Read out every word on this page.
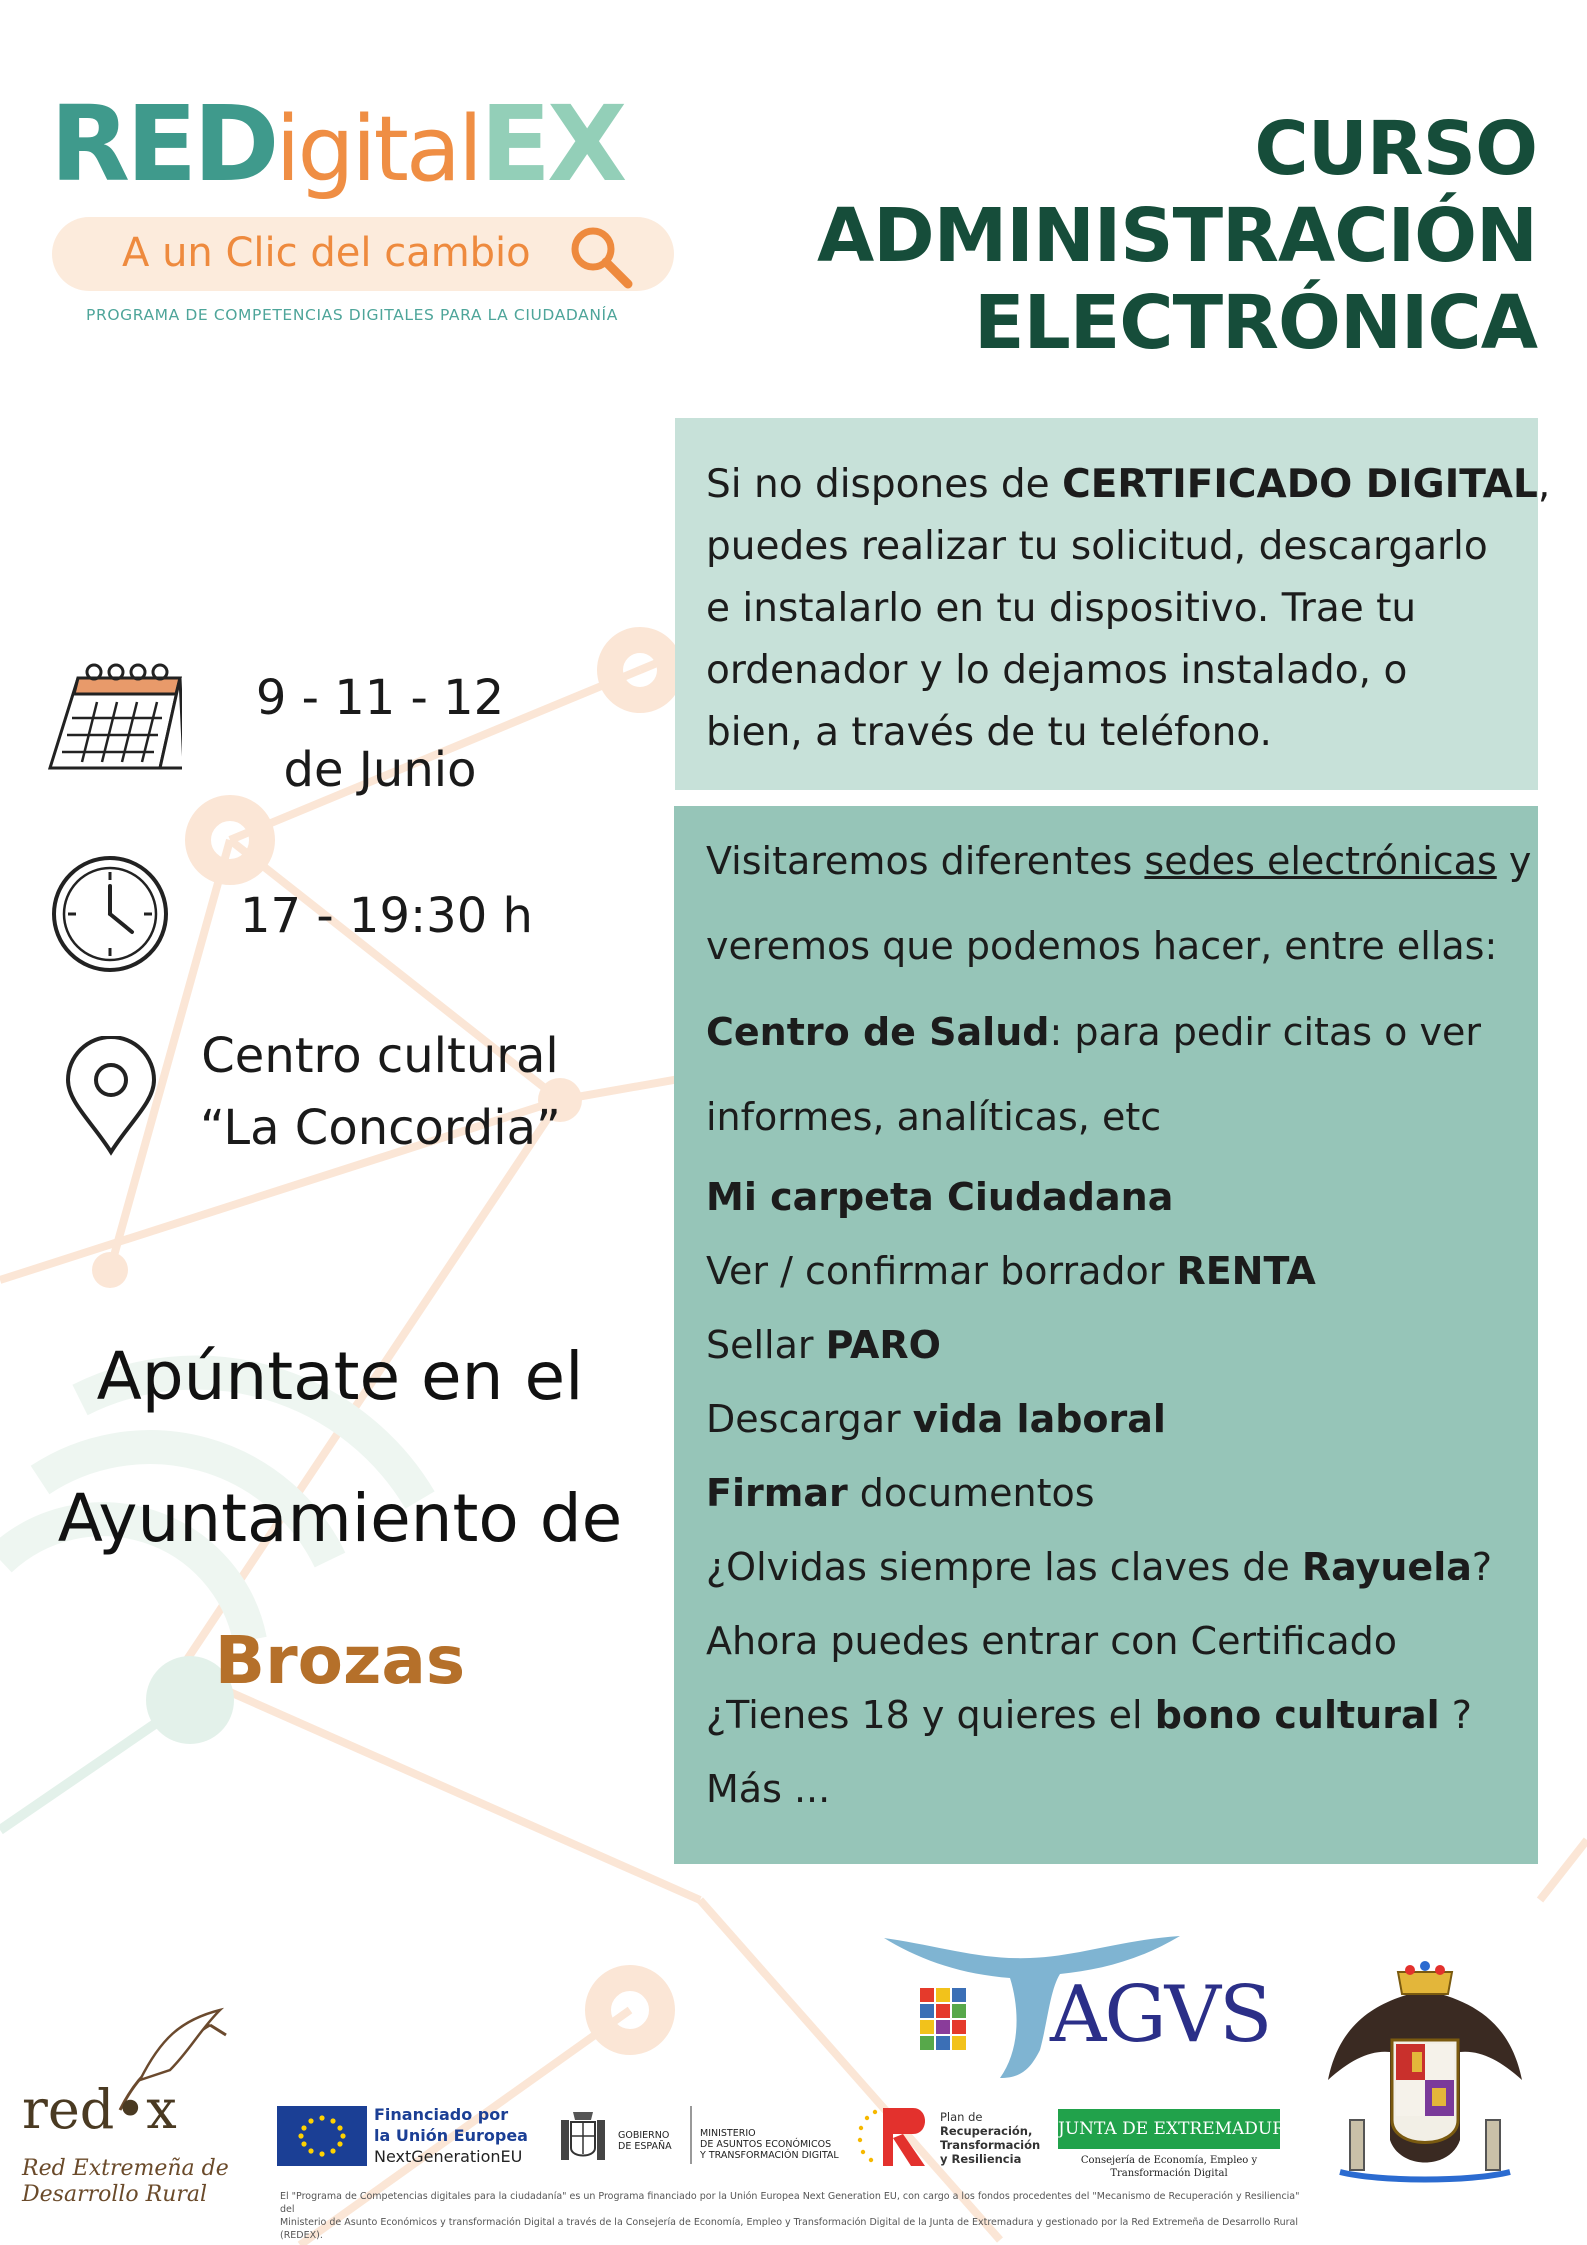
REDigitalEX
A un Clic del cambio
PROGRAMA DE COMPETENCIAS DIGITALES PARA LA CIUDADANÍA
CURSO
ADMINISTRACIÓN
ELECTRÓNICA
Si no dispones de CERTIFICADO DIGITAL,
puedes realizar tu solicitud, descargarlo
e instalarlo en tu dispositivo. Trae tu
ordenador y lo dejamos instalado, o
bien, a través de tu teléfono.
Visitaremos diferentes sedes electrónicas y
veremos que podemos hacer, entre ellas:
Centro de Salud: para pedir citas o ver
informes, analíticas, etc
Mi carpeta Ciudadana
Ver / confirmar borrador RENTA
Sellar PARO
Descargar vida laboral
Firmar documentos
¿Olvidas siempre las claves de Rayuela?
Ahora puedes entrar con Certificado
¿Tienes 18 y quieres el bono cultural ?
Más ...
9 - 11 - 12
de Junio
17 - 19:30 h
Centro cultural
“La Concordia”
Apúntate en el
Ayuntamiento de
Brozas
red•x
Red Extremeña de
Desarrollo Rural
Financiado por
la Unión Europea
NextGenerationEU
GOBIERNO
DE ESPAÑA
MINISTERIO
DE ASUNTOS ECONÓMICOS
Y TRANSFORMACIÓN DIGITAL
Plan de
Recuperación,
Transformación
y Resiliencia
JUNTA DE EXTREMADURA
Consejería de Economía, Empleo y
Transformación Digital
AGVS
El "Programa de Competencias digitales para la ciudadanía" es un Programa financiado por la Unión Europea Next Generation EU, con cargo a los fondos procedentes del "Mecanismo de Recuperación y Resiliencia" del
Ministerio de Asunto Económicos y transformación Digital a través de la Consejería de Economía, Empleo y Transformación Digital de la Junta de Extremadura y gestionado por la Red Extremeña de Desarrollo Rural (REDEX).
